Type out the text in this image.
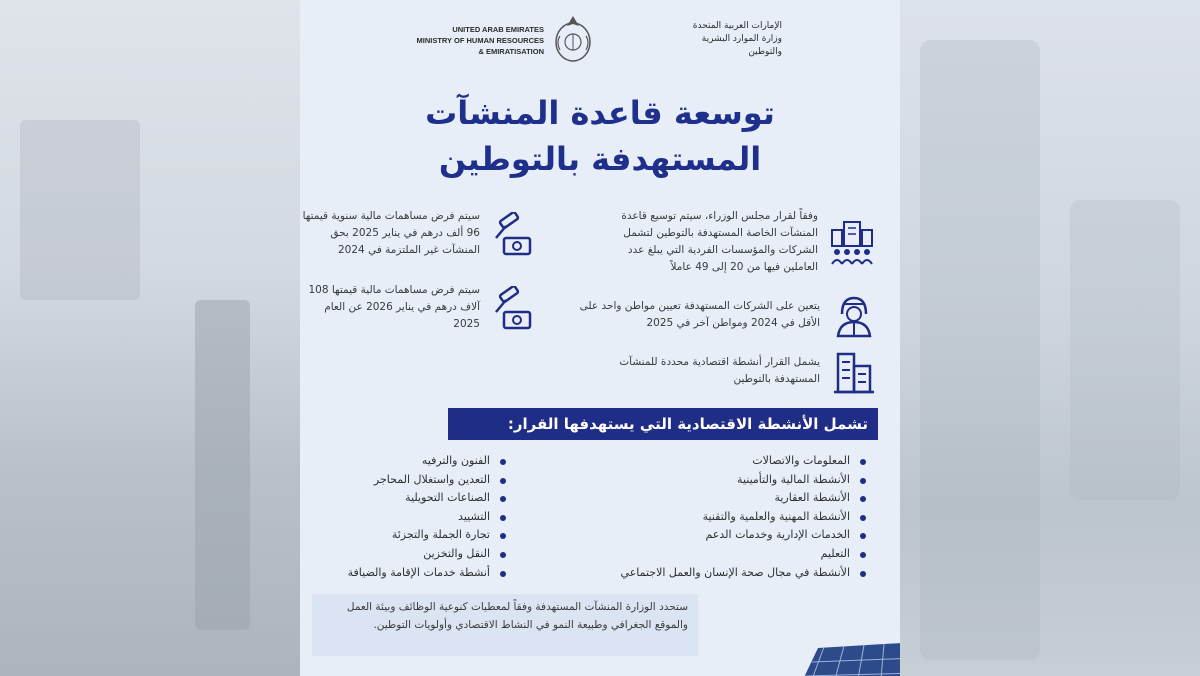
UNITED ARAB EMIRATES
MINISTRY OF HUMAN RESOURCES
& EMIRATISATION
الإمارات العربية المتحدة
وزارة الموارد البشرية
والتوطين
توسعة قاعدة المنشآت
المستهدفة بالتوطين
وفقاً لقرار مجلس الوزراء، سيتم توسيع قاعدة المنشآت الخاصة المستهدفة بالتوطين لتشمل الشركات والمؤسسات الفردية التي يبلغ عدد العاملين فيها من 20 إلى 49 عاملاً
يتعين على الشركات المستهدفة تعيين مواطن واحد على الأقل في 2024 ومواطن آخر في 2025
يشمل القرار أنشطة اقتصادية محددة للمنشآت المستهدفة بالتوطين
سيتم فرض مساهمات مالية سنوية قيمتها 96 ألف درهم في يناير 2025 بحق المنشآت غير الملتزمة في 2024
سيتم فرض مساهمات مالية قيمتها 108 آلاف درهم في يناير 2026 عن العام 2025
تشمل الأنشطة الاقتصادية التي يستهدفها القرار:
المعلومات والاتصالات
الأنشطة المالية والتأمينية
الأنشطة العقارية
الأنشطة المهنية والعلمية والتقنية
الخدمات الإدارية وخدمات الدعم
التعليم
الأنشطة في مجال صحة الإنسان والعمل الاجتماعي
الفنون والترفيه
التعدين واستغلال المحاجر
الصناعات التحويلية
التشييد
تجارة الجملة والتجزئة
النقل والتخزين
أنشطة خدمات الإقامة والضيافة
ستحدد الوزارة المنشآت المستهدفة وفقاً لمعطيات كنوعية الوظائف وبيئة العمل والموقع الجغرافي وطبيعة النمو في النشاط الاقتصادي وأولويات التوطين.
